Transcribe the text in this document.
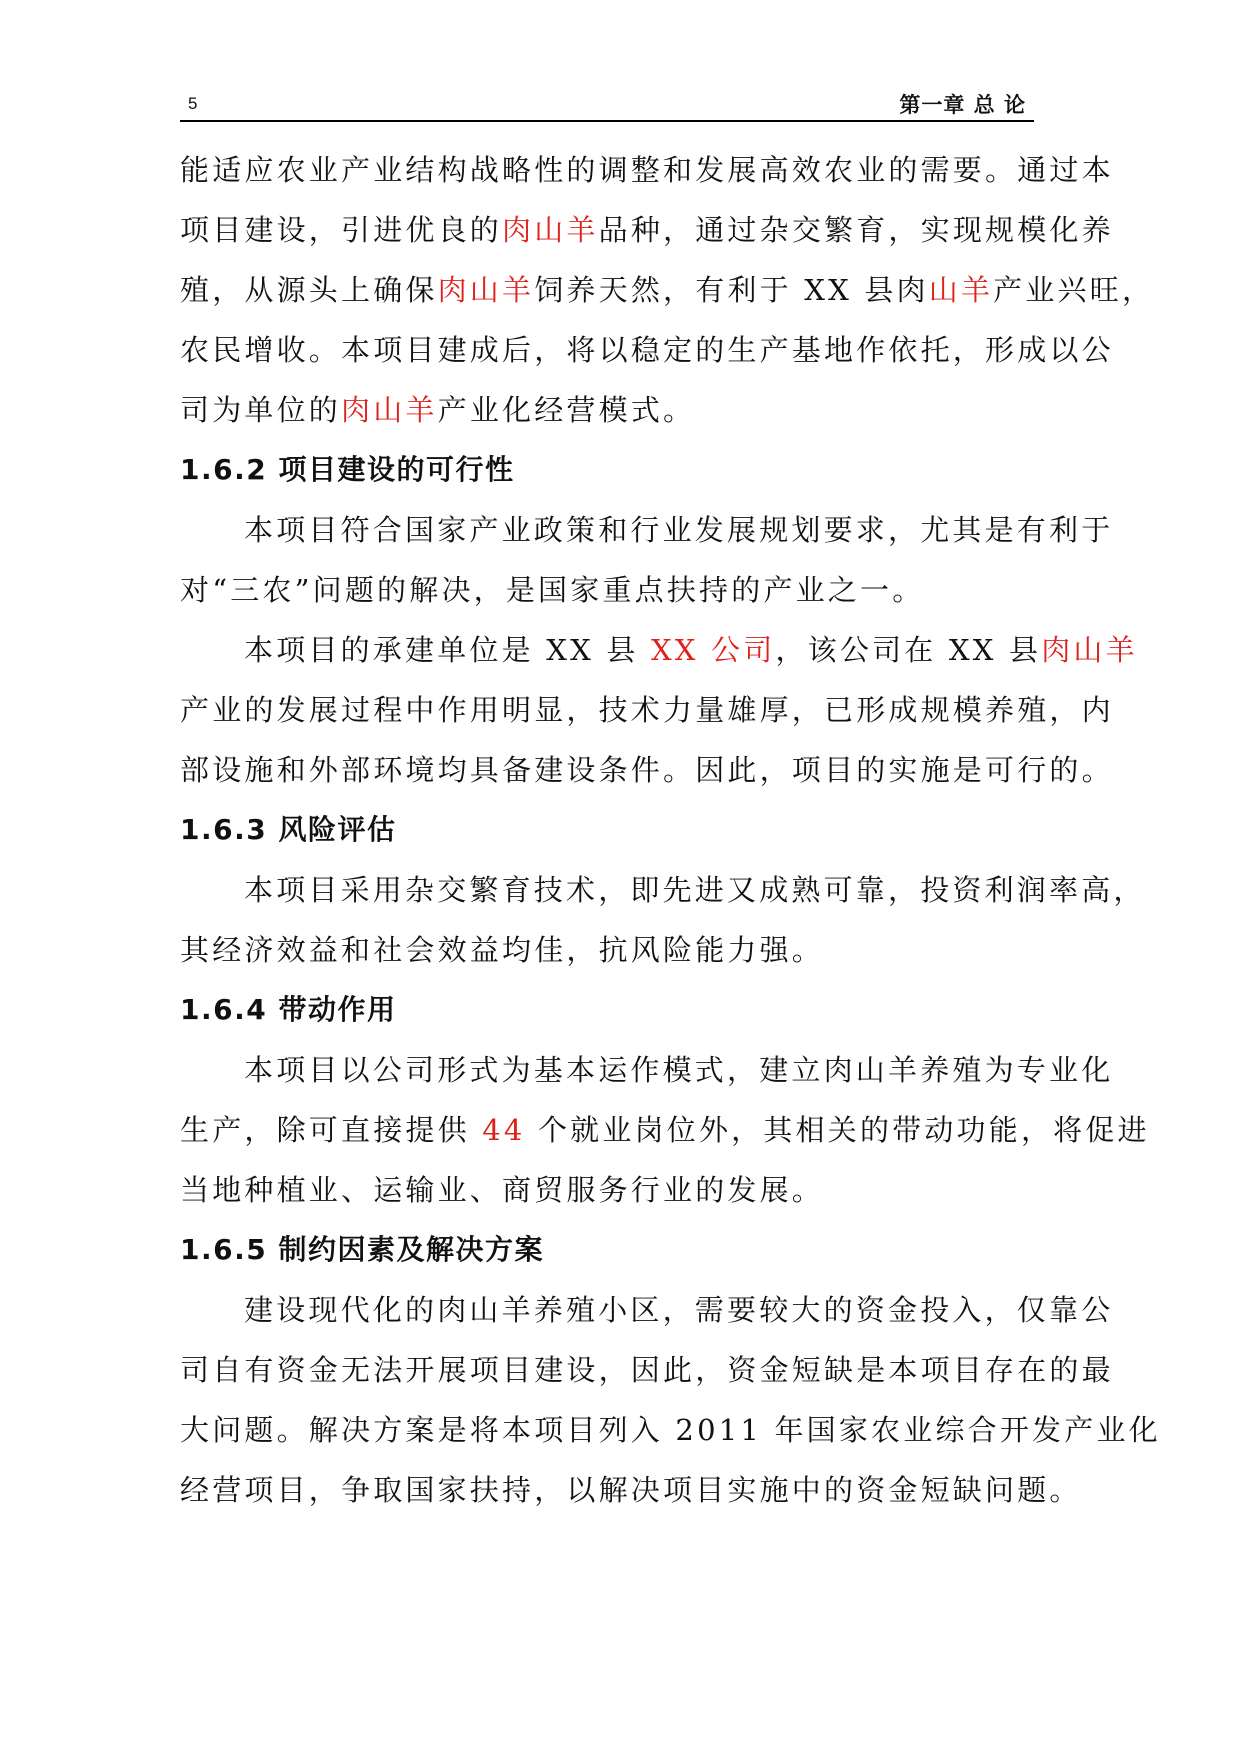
5	第一章 总 论
能适应农业产业结构战略性的调整和发展高效农业的需要。通过本
项目建设，引进优良的肉山羊品种，通过杂交繁育，实现规模化养
殖，从源头上确保肉山羊饲养天然，有利于 XX 县肉山羊产业兴旺，
农民增收。本项目建成后，将以稳定的生产基地作依托，形成以公
司为单位的肉山羊产业化经营模式。
1.6.2 项目建设的可行性
本项目符合国家产业政策和行业发展规划要求，尤其是有利于
对“三农”问题的解决，是国家重点扶持的产业之一。
本项目的承建单位是 XX 县 XX 公司，该公司在 XX 县肉山羊
产业的发展过程中作用明显，技术力量雄厚，已形成规模养殖，内
部设施和外部环境均具备建设条件。因此，项目的实施是可行的。
1.6.3 风险评估
本项目采用杂交繁育技术，即先进又成熟可靠，投资利润率高，
其经济效益和社会效益均佳，抗风险能力强。
1.6.4 带动作用
本项目以公司形式为基本运作模式，建立肉山羊养殖为专业化
生产，除可直接提供 44 个就业岗位外，其相关的带动功能，将促进
当地种植业、运输业、商贸服务行业的发展。
1.6.5 制约因素及解决方案
建设现代化的肉山羊养殖小区，需要较大的资金投入，仅靠公
司自有资金无法开展项目建设，因此，资金短缺是本项目存在的最
大问题。解决方案是将本项目列入 2011 年国家农业综合开发产业化
经营项目，争取国家扶持，以解决项目实施中的资金短缺问题。
